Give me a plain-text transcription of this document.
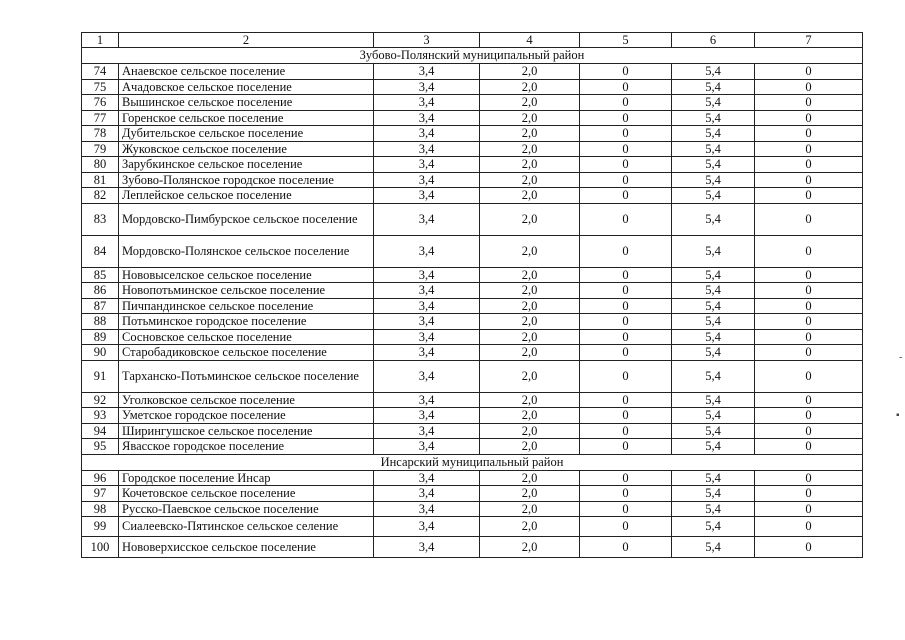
1	2	3	4	5	6	7
Зубово-Полянский муниципальный район						
74	Анаевское сельское поселение	3,4	2,0	0	5,4	0
75	Ачадовское сельское поселение	3,4	2,0	0	5,4	0
76	Вышинское сельское поселение	3,4	2,0	0	5,4	0
77	Горенское сельское поселение	3,4	2,0	0	5,4	0
78	Дубительское сельское поселение	3,4	2,0	0	5,4	0
79	Жуковское сельское поселение	3,4	2,0	0	5,4	0
80	Зарубкинское сельское поселение	3,4	2,0	0	5,4	0
81	Зубово-Полянское городское поселение	3,4	2,0	0	5,4	0
82	Леплейское сельское поселение	3,4	2,0	0	5,4	0
83	Мордовско-Пимбурское сельское поселение	3,4	2,0	0	5,4	0
84	Мордовско-Полянское сельское поселение	3,4	2,0	0	5,4	0
85	Нововыселское сельское поселение	3,4	2,0	0	5,4	0
86	Новопотьминское сельское поселение	3,4	2,0	0	5,4	0
87	Пичпандинское сельское поселение	3,4	2,0	0	5,4	0
88	Потьминское городское поселение	3,4	2,0	0	5,4	0
89	Сосновское сельское поселение	3,4	2,0	0	5,4	0
90	Старобадиковское сельское поселение	3,4	2,0	0	5,4	0
91	Тарханско-Потьминское сельское поселение	3,4	2,0	0	5,4	0
92	Уголковское сельское поселение	3,4	2,0	0	5,4	0
93	Уметское городское поселение	3,4	2,0	0	5,4	0
94	Ширингушское сельское поселение	3,4	2,0	0	5,4	0
95	Явасское городское поселение	3,4	2,0	0	5,4	0
Инсарский муниципальный район						
96	Городское поселение Инсар	3,4	2,0	0	5,4	0
97	Кочетовское сельское поселение	3,4	2,0	0	5,4	0
98	Русско-Паевское сельское поселение	3,4	2,0	0	5,4	0
99	Сиалеевско-Пятинское сельское селение	3,4	2,0	0	5,4	0
100	Нововерхисское сельское поселение	3,4	2,0	0	5,4	0
▪
-
